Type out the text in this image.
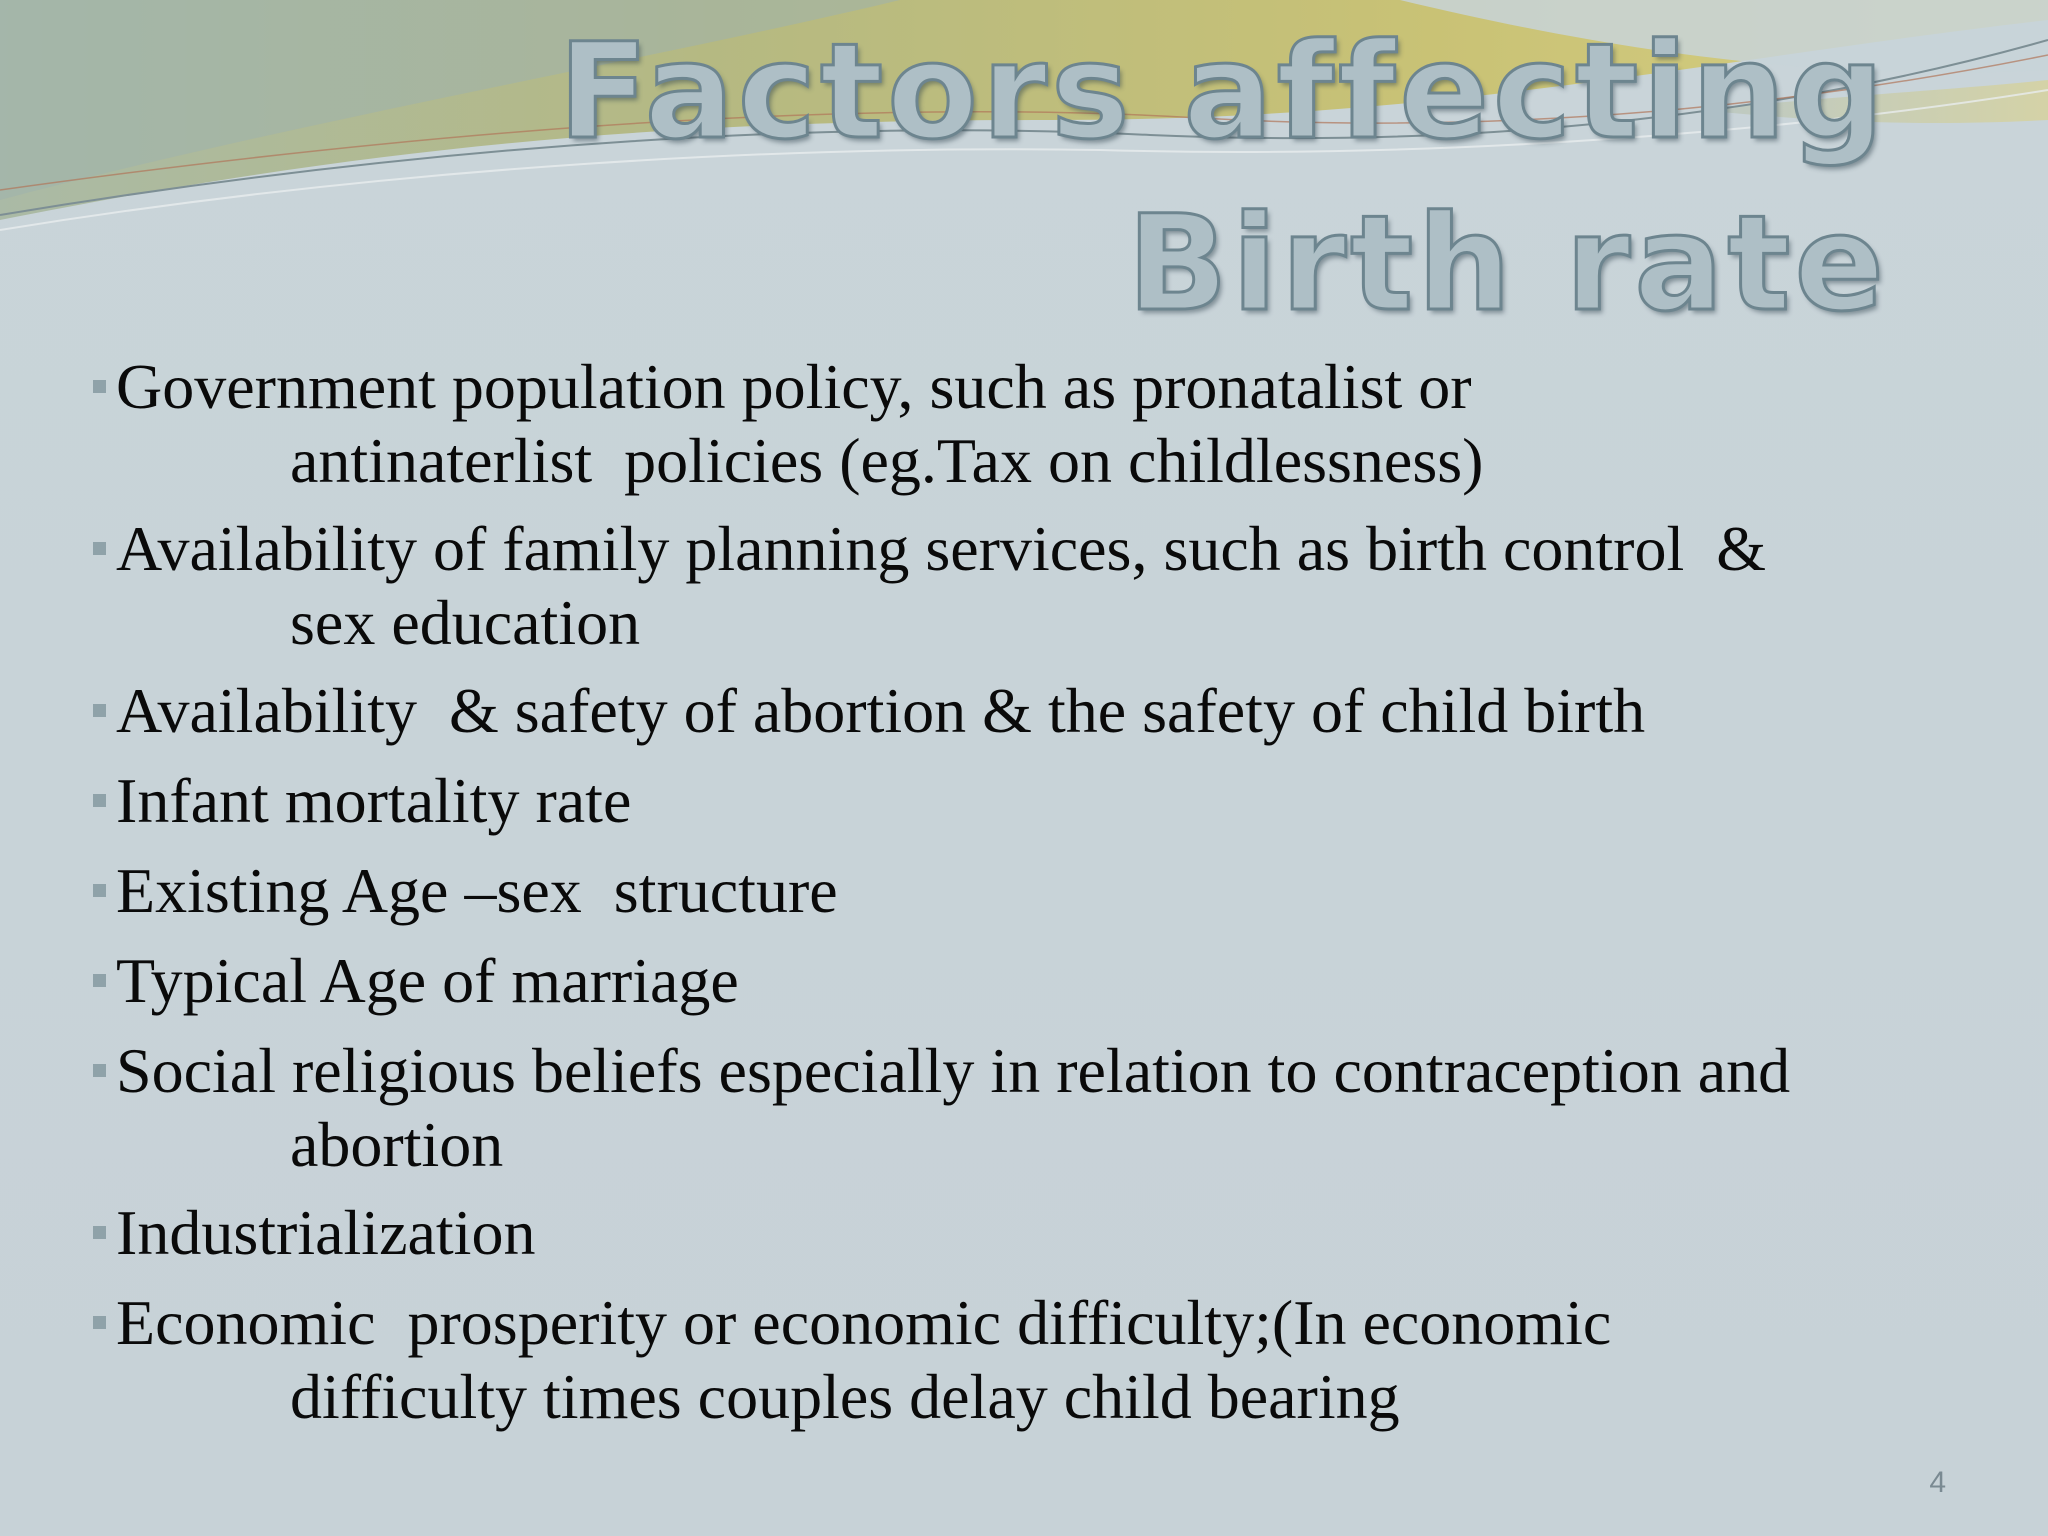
Factors affecting Birth rate
Government population policy, such as pronatalist or
antinaterlist  policies (eg.Tax on childlessness)
Availability of family planning services, such as birth control  &
sex education
Availability  & safety of abortion & the safety of child birth
Infant mortality rate
Existing Age –sex  structure
Typical Age of marriage
Social religious beliefs especially in relation to contraception and
abortion
Industrialization
Economic  prosperity or economic difficulty;(In economic
difficulty times couples delay child bearing
4
